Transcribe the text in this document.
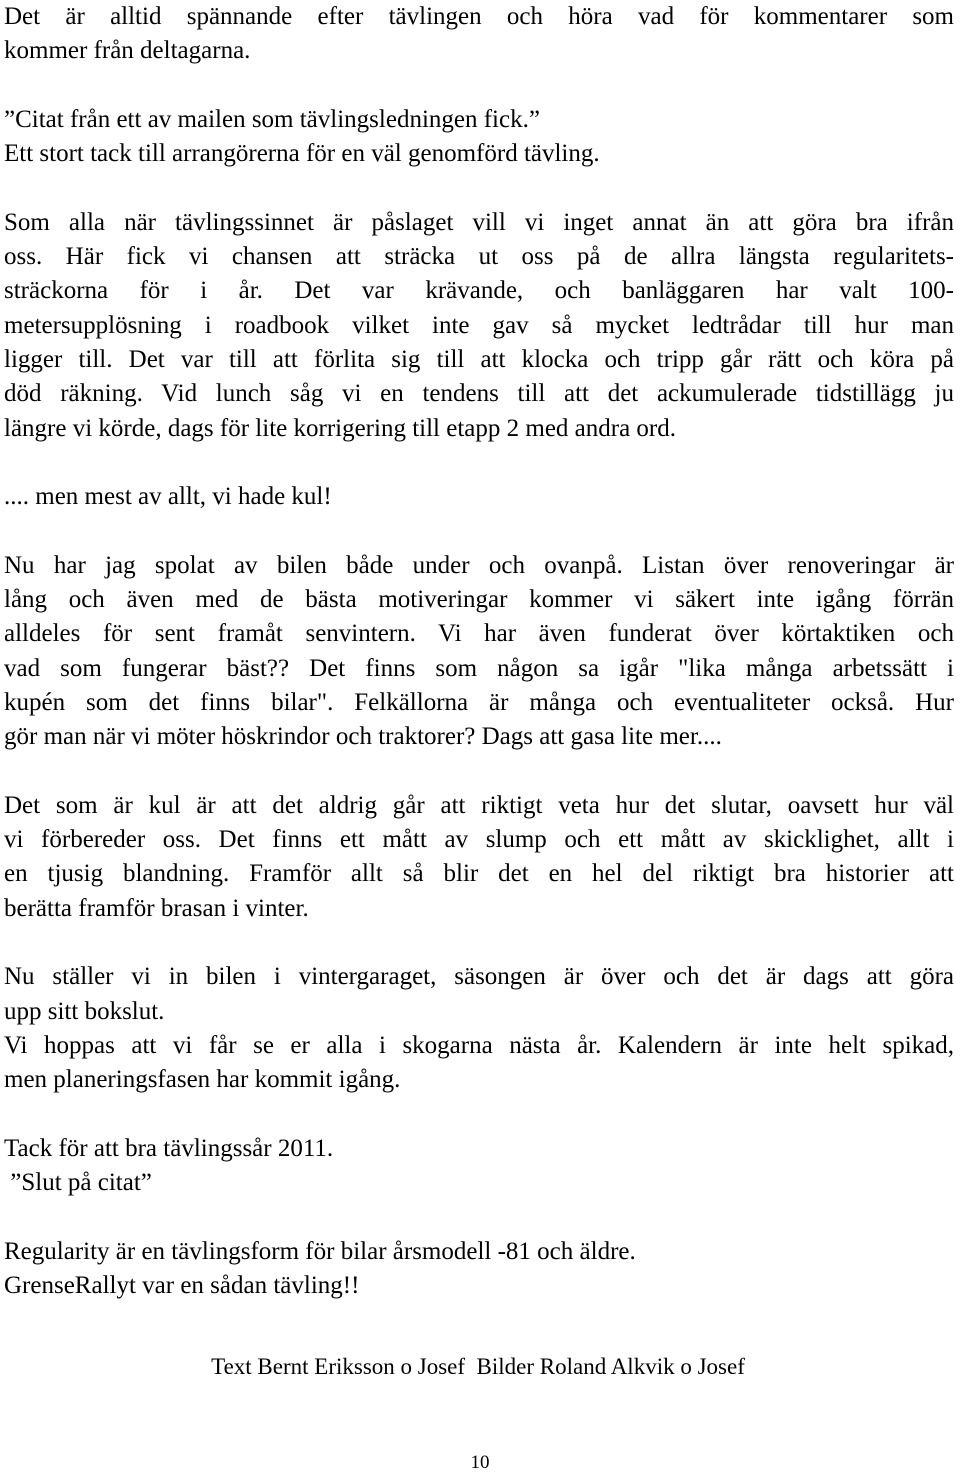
Det är alltid spännande efter tävlingen och höra vad för kommentarer som
kommer från deltagarna.

”Citat från ett av mailen som tävlingsledningen fick.”
Ett stort tack till arrangörerna för en väl genomförd tävling.

Som alla när tävlingssinnet är påslaget vill vi inget annat än att göra bra ifrån
oss. Här fick vi chansen att sträcka ut oss på de allra längsta regularitets-
sträckorna för i år. Det var krävande, och banläggaren har valt 100-
metersupplösning i roadbook vilket inte gav så mycket ledtrådar till hur man
ligger till. Det var till att förlita sig till att klocka och tripp går rätt och köra på
död räkning. Vid lunch såg vi en tendens till att det ackumulerade tidstillägg ju
längre vi körde, dags för lite korrigering till etapp 2 med andra ord.

.... men mest av allt, vi hade kul!

Nu har jag spolat av bilen både under och ovanpå. Listan över renoveringar är
lång och även med de bästa motiveringar kommer vi säkert inte igång förrän
alldeles för sent framåt senvintern. Vi har även funderat över körtaktiken och
vad som fungerar bäst?? Det finns som någon sa igår "lika många arbetssätt i
kupén som det finns bilar". Felkällorna är många och eventualiteter också. Hur
gör man när vi möter höskrindor och traktorer? Dags att gasa lite mer....

Det som är kul är att det aldrig går att riktigt veta hur det slutar, oavsett hur väl
vi förbereder oss. Det finns ett mått av slump och ett mått av skicklighet, allt i
en tjusig blandning. Framför allt så blir det en hel del riktigt bra historier att
berätta framför brasan i vinter.

Nu ställer vi in bilen i vintergaraget, säsongen är över och det är dags att göra
upp sitt bokslut.
Vi hoppas att vi får se er alla i skogarna nästa år. Kalendern är inte helt spikad,
men planeringsfasen har kommit igång.

Tack för att bra tävlingssår 2011.
”Slut på citat”

Regularity är en tävlingsform för bilar årsmodell -81 och äldre.
GrenseRallyt var en sådan tävling!!

Text Bernt Eriksson o Josef  Bilder Roland Alkvik o Josef
10
